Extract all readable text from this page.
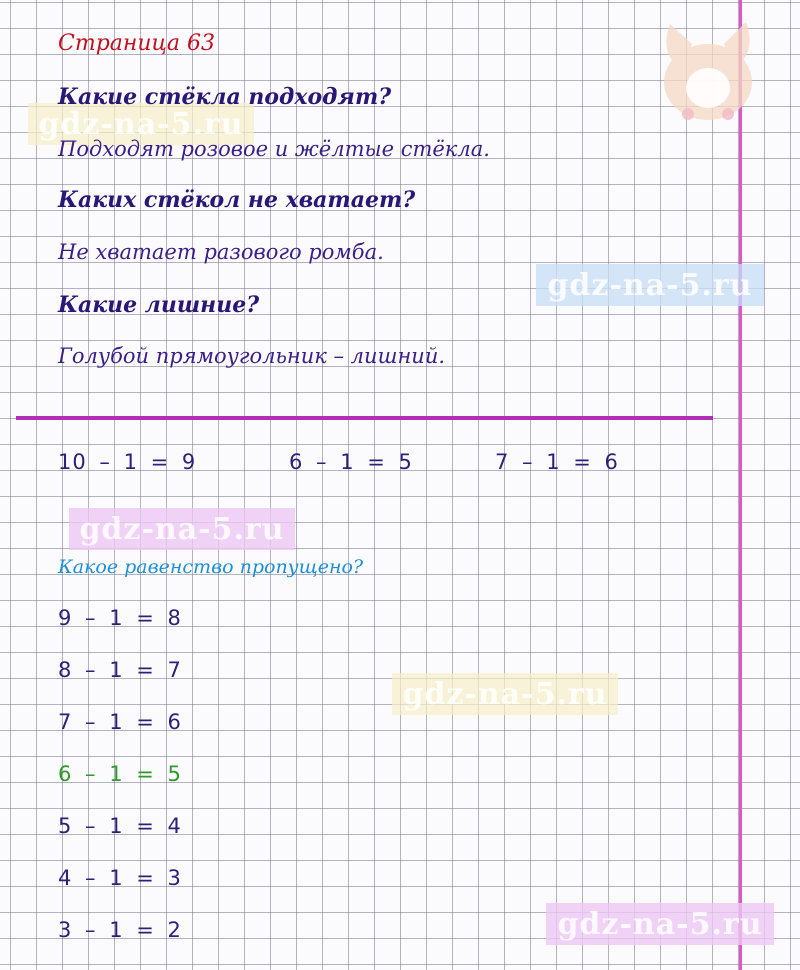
gdz-na-5.ru
gdz-na-5.ru
gdz-na-5.ru
gdz-na-5.ru
gdz-na-5.ru
Страница 63
Какие стёкла подходят?
Подходят розовое и жёлтые стёкла.
Каких стёкол не хватает?
Не хватает разового ромба.
Какие лишние?
Голубой прямоугольник – лишний.
10 – 1 = 9	6 – 1 = 5	7 – 1 = 6
Какое равенство пропущено?
9 – 1 = 8
8 – 1 = 7
7 – 1 = 6
6 – 1 = 5
5 – 1 = 4
4 – 1 = 3
3 – 1 = 2
